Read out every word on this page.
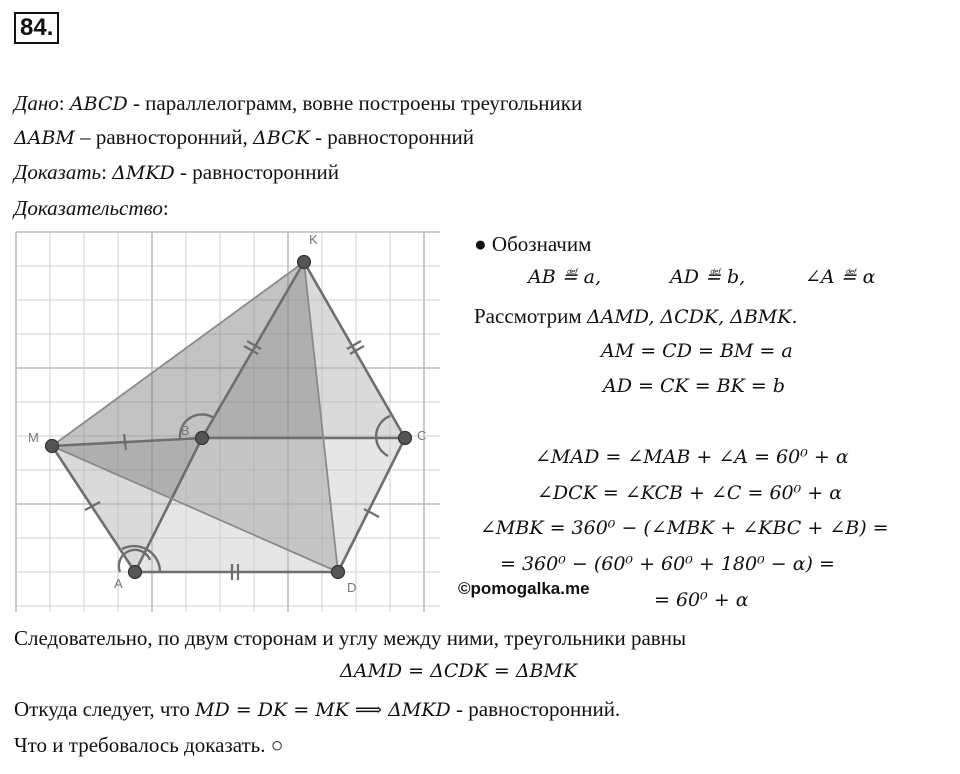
84.
Дано: ABCD - параллелограмм, вовне построены треугольники
ΔABM – равносторонний, ΔBCK - равносторонний
Доказать: ΔMKD - равносторонний
Доказательство:
K
M	B	C
A	D	©pomogalka.me
● Обозначим
AB ≝ a,	AD ≝ b,	∠A ≝ α
Рассмотрим ΔAMD, ΔCDK, ΔBMK.
AM = CD = BM = a
AD = CK = BK = b
∠MAD = ∠MAB + ∠A = 60⁰ + α
∠DCK = ∠KCB + ∠C = 60⁰ + α
∠MBK = 360⁰ − (∠MBK + ∠KBC + ∠B) =
= 360⁰ − (60⁰ + 60⁰ + 180⁰ − α) =
= 60⁰ + α
Следовательно, по двум сторонам и углу между ними, треугольники равны
ΔAMD = ΔCDK = ΔBMK
Откуда следует, что MD = DK = MK ⟹ ΔMKD - равносторонний.
Что и требовалось доказать. ○
